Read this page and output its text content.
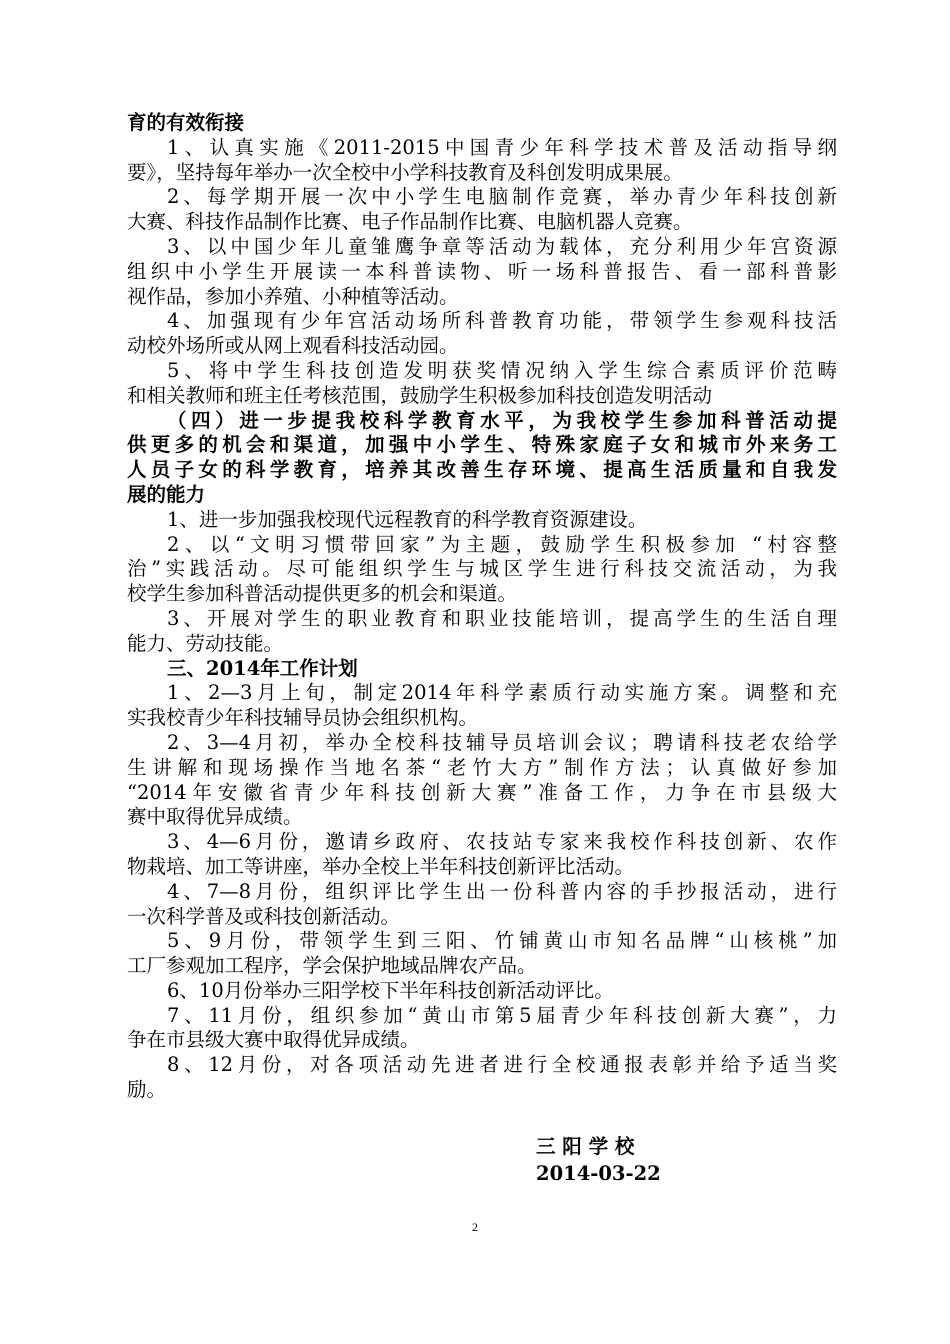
育的有效衔接
1、认真实施《2011-2015中国青少年科学技术普及活动指导纲
要》，坚持每年举办一次全校中小学科技教育及科创发明成果展。
2、每学期开展一次中小学生电脑制作竞赛，举办青少年科技创新
大赛、科技作品制作比赛、电子作品制作比赛、电脑机器人竞赛。
3、以中国少年儿童雏鹰争章等活动为载体，充分利用少年宫资源
组织中小学生开展读一本科普读物、听一场科普报告、看一部科普影
视作品，参加小养殖、小种植等活动。
4、加强现有少年宫活动场所科普教育功能，带领学生参观科技活
动校外场所或从网上观看科技活动园。
5、将中学生科技创造发明获奖情况纳入学生综合素质评价范畴
和相关教师和班主任考核范围，鼓励学生积极参加科技创造发明活动
（四）进一步提我校科学教育水平，为我校学生参加科普活动提
供更多的机会和渠道，加强中小学生、特殊家庭子女和城市外来务工
人员子女的科学教育，培养其改善生存环境、提高生活质量和自我发
展的能力
1、进一步加强我校现代远程教育的科学教育资源建设。
2、以“文明习惯带回家”为主题，鼓励学生积极参加 “村容整
治”实践活动。尽可能组织学生与城区学生进行科技交流活动，为我
校学生参加科普活动提供更多的机会和渠道。
3、开展对学生的职业教育和职业技能培训，提高学生的生活自理
能力、劳动技能。
三、2014年工作计划
1、2—3月上旬，制定2014年科学素质行动实施方案。调整和充
实我校青少年科技辅导员协会组织机构。
2、3—4月初，举办全校科技辅导员培训会议；聘请科技老农给学
生讲解和现场操作当地名茶“老竹大方”制作方法；认真做好参加
“2014年安徽省青少年科技创新大赛”准备工作，力争在市县级大
赛中取得优异成绩。
3、4—6月份，邀请乡政府、农技站专家来我校作科技创新、农作
物栽培、加工等讲座，举办全校上半年科技创新评比活动。
4、7—8月份，组织评比学生出一份科普内容的手抄报活动，进行
一次科学普及或科技创新活动。
5、9月份，带领学生到三阳、竹铺黄山市知名品牌“山核桃”加
工厂参观加工程序，学会保护地域品牌农产品。
6、10月份举办三阳学校下半年科技创新活动评比。
7、11月份，组织参加“黄山市第5届青少年科技创新大赛”，力
争在市县级大赛中取得优异成绩。
8、12月份，对各项活动先进者进行全校通报表彰并给予适当奖
励。
三 阳 学 校
2014-03-22
2
